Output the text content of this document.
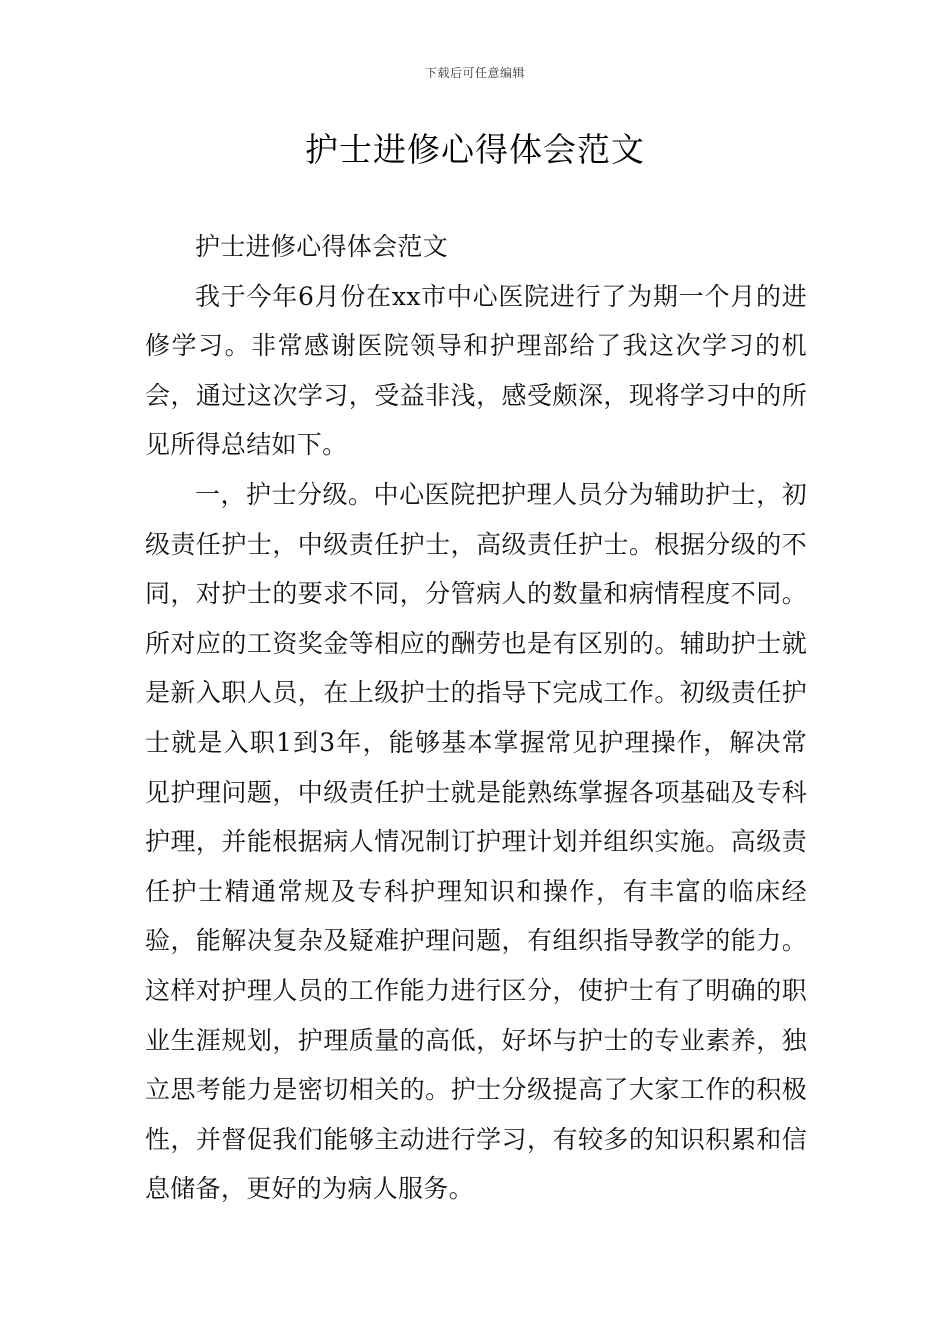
下载后可任意编辑
护士进修心得体会范文

护士进修心得体会范文

我于今年6月份在xx市中心医院进行了为期一个月的进修学习。非常感谢医院领导和护理部给了我这次学习的机会，通过这次学习，受益非浅，感受颇深，现将学习中的所见所得总结如下。

一，护士分级。中心医院把护理人员分为辅助护士，初级责任护士，中级责任护士，高级责任护士。根据分级的不同，对护士的要求不同，分管病人的数量和病情程度不同。所对应的工资奖金等相应的酬劳也是有区别的。辅助护士就是新入职人员，在上级护士的指导下完成工作。初级责任护士就是入职1到3年，能够基本掌握常见护理操作，解决常见护理问题，中级责任护士就是能熟练掌握各项基础及专科护理，并能根据病人情况制订护理计划并组织实施。高级责任护士精通常规及专科护理知识和操作，有丰富的临床经验，能解决复杂及疑难护理问题，有组织指导教学的能力。这样对护理人员的工作能力进行区分，使护士有了明确的职业生涯规划，护理质量的高低，好坏与护士的专业素养，独立思考能力是密切相关的。护士分级提高了大家工作的积极性，并督促我们能够主动进行学习，有较多的知识积累和信息储备，更好的为病人服务。
